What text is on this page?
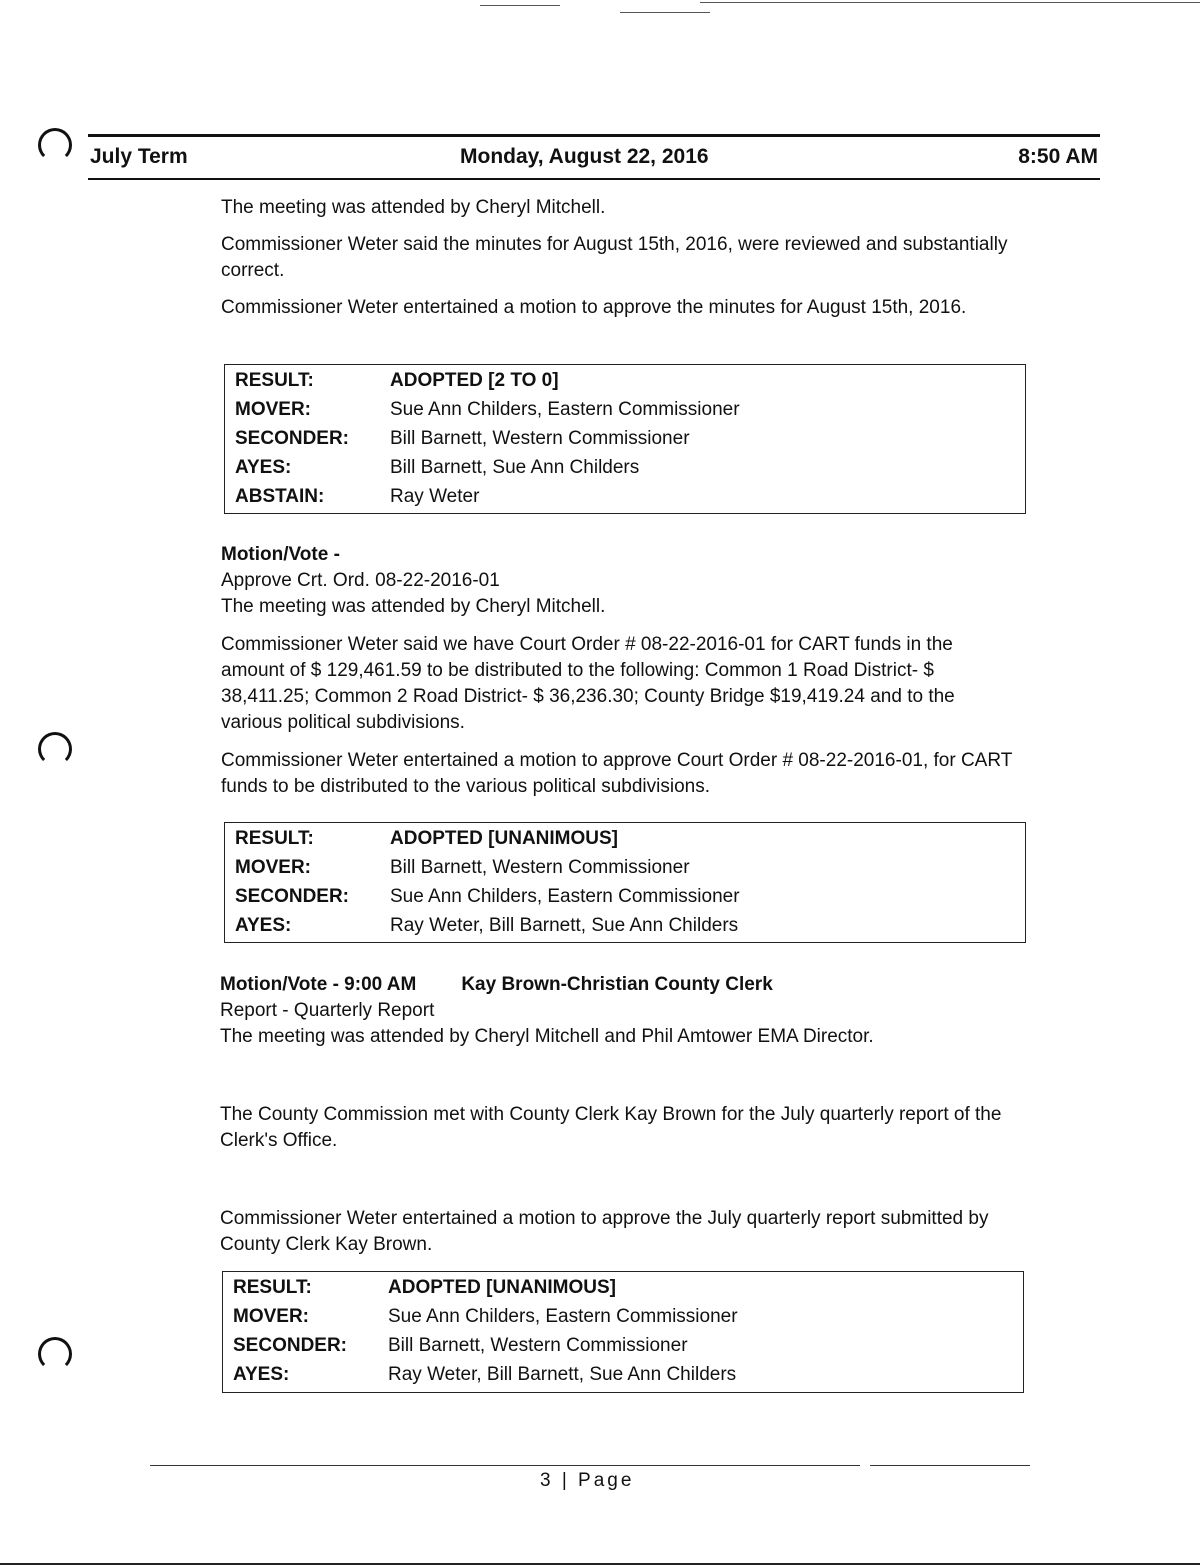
July Term	Monday, August 22, 2016	8:50 AM

The meeting was attended by Cheryl Mitchell.

Commissioner Weter said the minutes for August 15th, 2016, were reviewed and substantially correct.

Commissioner Weter entertained a motion to approve the minutes for August 15th, 2016.

RESULT:	ADOPTED [2 TO 0]
MOVER:	Sue Ann Childers, Eastern Commissioner
SECONDER: Bill Barnett, Western Commissioner
AYES:	Bill Barnett, Sue Ann Childers
ABSTAIN:	Ray Weter

Motion/Vote -

Approve Crt. Ord. 08-22-2016-01

The meeting was attended by Cheryl Mitchell.

Commissioner Weter said we have Court Order # 08-22-2016-01 for CART funds in the amount of $ 129,461.59 to be distributed to the following: Common 1 Road District- $ 38,411.25; Common 2 Road District- $ 36,236.30; County Bridge $19,419.24 and to the various political subdivisions.

Commissioner Weter entertained a motion to approve Court Order # 08-22-2016-01, for CART funds to be distributed to the various political subdivisions.

RESULT:	ADOPTED [UNANIMOUS]
MOVER:	Bill Barnett, Western Commissioner
SECONDER: Sue Ann Childers, Eastern Commissioner
AYES:	Ray Weter, Bill Barnett, Sue Ann Childers

Motion/Vote - 9:00 AM Kay Brown-Christian County Clerk

Report - Quarterly Report

The meeting was attended by Cheryl Mitchell and Phil Amtower EMA Director.

The County Commission met with County Clerk Kay Brown for the July quarterly report of the Clerk's Office.

Commissioner Weter entertained a motion to approve the July quarterly report submitted by County Clerk Kay Brown.

RESULT:	ADOPTED [UNANIMOUS]
MOVER:	Sue Ann Childers, Eastern Commissioner
SECONDER: Bill Barnett, Western Commissioner
AYES:	Ray Weter, Bill Barnett, Sue Ann Childers
3 | Page
